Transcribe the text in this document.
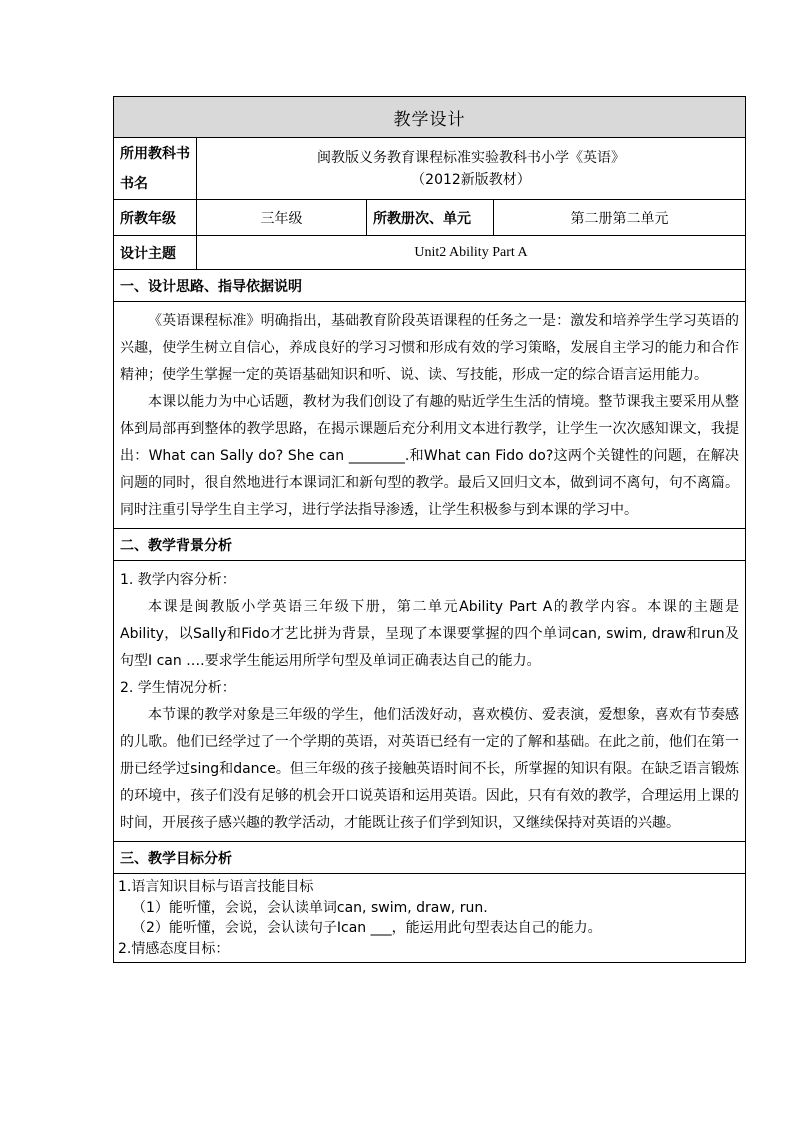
教学设计			
所用教科书书名	闽教版义务教育课程标准实验教科书小学《英语》
（2012新版教材）		

所教年级	三年级	所教册次、单元	第二册第二单元
设计主题	Unit2 Ability Part A		
一、设计思路、指导依据说明			

《英语课程标准》明确指出，基础教育阶段英语课程的任务之一是：激发和培养学生学习英语的兴趣，使学生树立自信心，养成良好的学习习惯和形成有效的学习策略，发展自主学习的能力和合作精神；使学生掌握一定的英语基础知识和听、说、读、写技能，形成一定的综合语言运用能力。

本课以能力为中心话题，教材为我们创设了有趣的贴近学生生活的情境。整节课我主要采用从整体到局部再到整体的教学思路，在揭示课题后充分利用文本进行教学，让学生一次次感知课文，我提出：What can Sally do? She can ________.和What can Fido do?这两个关键性的问题，在解决问题的同时，很自然地进行本课词汇和新句型的教学。最后又回归文本，做到词不离句，句不离篇。同时注重引导学生自主学习，进行学法指导渗透，让学生积极参与到本课的学习中。			

二、教学背景分析			

1. 教学内容分析：

本课是闽教版小学英语三年级下册，第二单元Ability Part A的教学内容。本课的主题是Ability，以Sally和Fido才艺比拼为背景，呈现了本课要掌握的四个单词can, swim, draw和run及句型I can ….要求学生能运用所学句型及单词正确表达自己的能力。

2. 学生情况分析：

本节课的教学对象是三年级的学生，他们活泼好动，喜欢模仿、爱表演，爱想象，喜欢有节奏感的儿歌。他们已经学过了一个学期的英语，对英语已经有一定的了解和基础。在此之前，他们在第一册已经学过sing和dance。但三年级的孩子接触英语时间不长，所掌握的知识有限。在缺乏语言锻炼的环境中，孩子们没有足够的机会开口说英语和运用英语。因此，只有有效的教学，合理运用上课的时间，开展孩子感兴趣的教学活动，才能既让孩子们学到知识，又继续保持对英语的兴趣。			

三、教学目标分析			

1.语言知识目标与语言技能目标

（1）能听懂，会说，会认读单词can, swim, draw, run.

（2）能听懂，会说，会认读句子Ican ___，能运用此句型表达自己的能力。

2.情感态度目标：			
